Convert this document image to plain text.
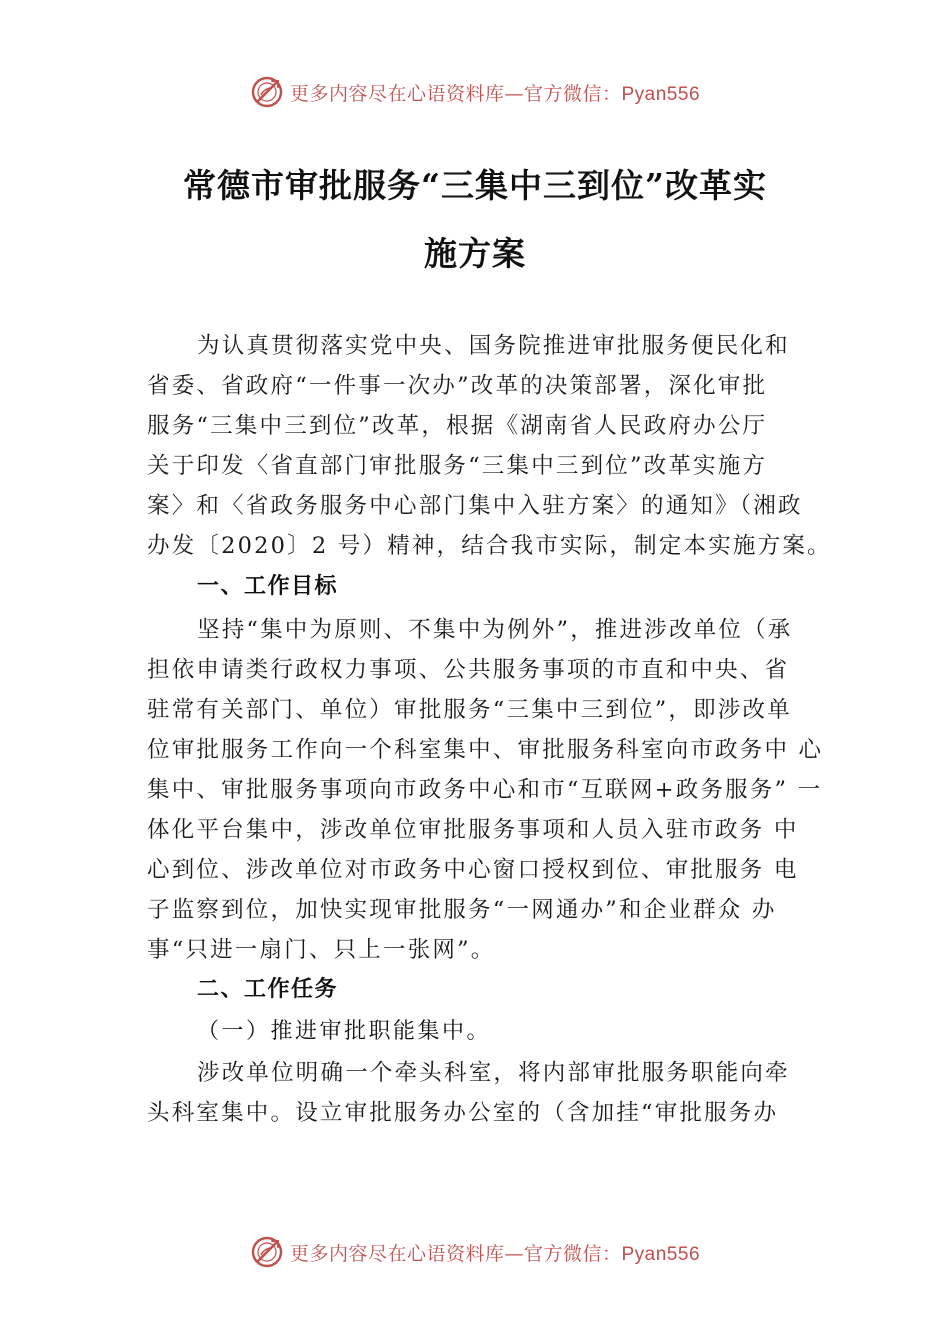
更多内容尽在心语资料库—官方微信：Pyan556
常德市审批服务“三集中三到位”改革实
施方案
为认真贯彻落实党中央、国务院推进审批服务便民化和
省委、省政府“一件事一次办”改革的决策部署，深化审批
服务“三集中三到位”改革，根据《湖南省人民政府办公厅
关于印发〈省直部门审批服务“三集中三到位”改革实施方
案〉和〈省政务服务中心部门集中入驻方案〉的通知》（湘政
办发〔2020〕2 号）精神，结合我市实际，制定本实施方案。
一、工作目标
坚持“集中为原则、不集中为例外”，推进涉改单位（承
担依申请类行政权力事项、公共服务事项的市直和中央、省
驻常有关部门、单位）审批服务“三集中三到位”，即涉改单
位审批服务工作向一个科室集中、审批服务科室向市政务中 心
集中、审批服务事项向市政务中心和市“互联网+政务服务” 一
体化平台集中，涉改单位审批服务事项和人员入驻市政务 中
心到位、涉改单位对市政务中心窗口授权到位、审批服务 电
子监察到位，加快实现审批服务“一网通办”和企业群众 办
事“只进一扇门、只上一张网”。
二、工作任务
（一）推进审批职能集中。
涉改单位明确一个牵头科室，将内部审批服务职能向牵
头科室集中。设立审批服务办公室的（含加挂“审批服务办
更多内容尽在心语资料库—官方微信：Pyan556
